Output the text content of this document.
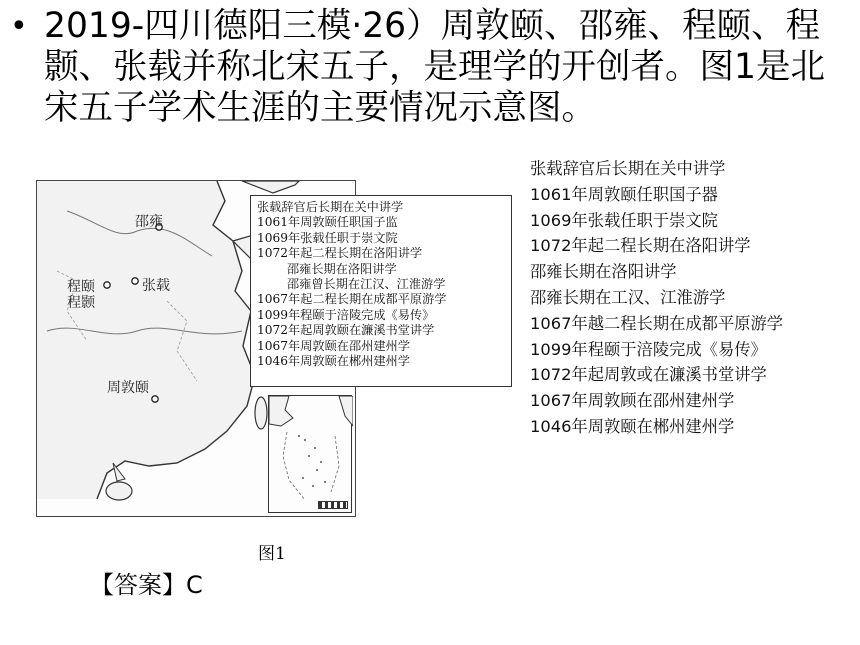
• 2019-四川德阳三模·26）周敦颐、邵雍、程颐、程颢、张载并称北宋五子，是理学的开创者。图1是北宋五子学术生涯的主要情况示意图。
邵雍
程颐
程颢
张载
周敦颐
张载辞官后长期在关中讲学
1061年周敦颐任职国子监
1069年张载任职于崇文院
1072年起二程长期在洛阳讲学
邵雍长期在洛阳讲学
邵雍曾长期在江汉、江淮游学
1067年起二程长期在成都平原游学
1099年程颐于涪陵完成《易传》
1072年起周敦颐在濂溪书堂讲学
1067年周敦颐在邵州建州学
1046年周敦颐在郴州建州学
图1
张载辞官后长期在关中讲学
1061年周敦颐任职国子器
1069年张载任职于崇文院
1072年起二程长期在洛阳讲学
邵雍长期在洛阳讲学
邵雍长期在工汉、江淮游学
1067年越二程长期在成都平原游学
1099年程颐于涪陵完成《易传》
1072年起周敦或在濂溪书堂讲学
1067年周敦顾在邵州建州学
1046年周敦颐在郴州建州学
【答案】C
